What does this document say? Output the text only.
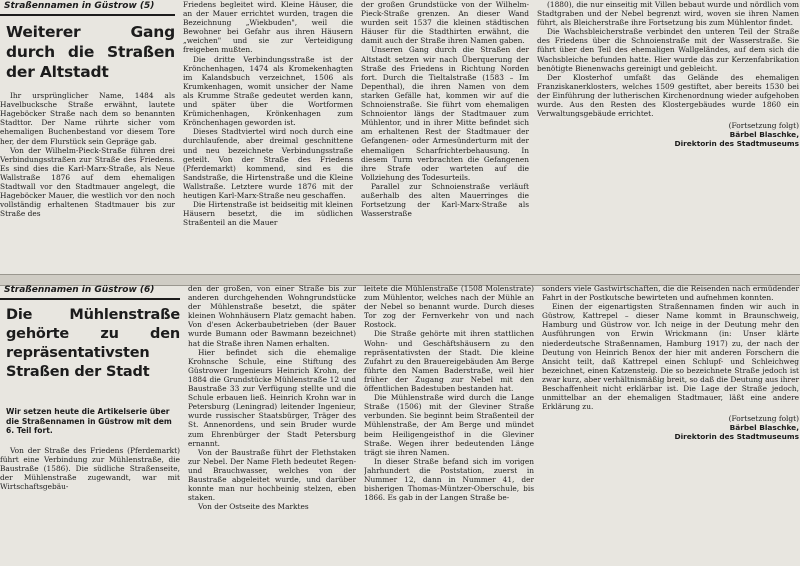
Straßennamen in Güstrow (5)
Weiterer Gang durch die Straßen der Altstadt

Ihr ursprünglicher Name, 1484 als Havelbucksche Straße erwähnt, lautete Hageböcker Straße nach dem so benannten Stadttor. Der Name rührte sicher vom ehemaligen Buchenbestand vor diesem Tore her, der dem Flurstück sein Gepräge gab.

Von der Wilhelm-Pieck-Straße führen drei Verbindungsstraßen zur Straße des Friedens. Es sind dies die Karl-Marx-Straße, als Neue Wallstraße 1876 auf dem ehemaligen Stadtwall vor den Stadtmauer angelegt, die Hageböcker Mauer, die westlich vor den noch vollständig erhaltenen Stadtmauer bis zur Straße des

Friedens begleitet wird. Kleine Häuser, die an der Mauer errichtet wurden, tragen die Bezeichnung „Wiekbuden", weil die Bewohner bei Gefahr aus ihren Häusern „weichen" und sie zur Verteidigung freigeben mußten.

Die dritte Verbindungsstraße ist der Krönchenhagen, 1474 als Kromekenhagten im Kalandsbuch verzeichnet, 1506 als Krumkenhagen, womit unsicher der Name als Krumme Straße gedeutet werden kann, und später über die Wortformen Krümichenhagen, Krönkenhagen zum Krönchenhagen geworden ist.

Dieses Stadtviertel wird noch durch eine durchlaufende, aber dreimal geschnittene und neu bezeichnete Verbindungsstraße geteilt. Von der Straße des Friedens (Pferdemarkt) kommend, sind es die Sandstraße, die Hirtenstraße und die Kleine Wallstraße. Letztere wurde 1876 mit der heutigen Karl-Marx-Straße neu geschaffen.

Die Hirtenstraße ist beidseitig mit kleinen Häusern besetzt, die im südlichen Straßenteil an die Mauer

der großen Grundstücke von der Wilhelm-Pieck-Straße grenzen. An dieser Wand wurden seit 1537 die kleinen städtischen Häuser für die Stadthirten erwähnt, die damit auch der Straße ihren Namen gaben.

Unseren Gang durch die Straßen der Altstadt setzen wir nach Überquerung der Straße des Friedens in Richtung Norden fort. Durch die Tieltalstraße (1583 – Im Depenthal), die ihren Namen von dem starken Gefälle hat, kommen wir auf die Schnoienstraße. Sie führt vom ehemaligen Schnoientor längs der Stadtmauer zum Mühlentor, und in ihrer Mitte befindet sich am erhaltenen Rest der Stadtmauer der Gefangenen- oder Armesünderturm mit der ehemaligen Scharfrichterbehausung. In diesem Turm verbrachten die Gefangenen ihre Strafe oder warteten auf die Vollziehung des Todesurteils.

Parallel zur Schnoienstraße verläuft außerhalb des alten Mauerringes die Fortsetzung der Karl-Marx-Straße als Wasserstraße

(1880), die nur einseitig mit Villen bebaut wurde und nördlich vom Stadtgraben und der Nebel begrenzt wird, woven sie ihren Namen führt, als Bleicherstraße ihre Fortsetzung bis zum Mühlentor findet.

Die Wachsbleicherstraße verbindet den unteren Teil der Straße des Friedens über die Schnoienstraße mit der Wasserstraße. Sie führt über den Teil des ehemaligen Wallgeländes, auf dem sich die Wachsbleiche befunden hatte. Hier wurde das zur Kerzenfabrikation benötigte Bienenwachs gereinigt und gebleicht.

Der Klosterhof umfaßt das Gelände des ehemaligen Franziskanerklosters, welches 1509 gestiftet, aber bereits 1530 bei der Einführung der lutherischen Kirchenordnung wieder aufgehoben wurde. Aus den Resten des Klostergebäudes wurde 1860 ein Verwaltungsgebäude errichtet.

(Fortsetzung folgt)
Bärbel Blaschke,
Direktorin des Stadtmuseums
Straßennamen in Güstrow (6)
Die Mühlenstraße gehörte zu den repräsentativsten Straßen der Stadt
Wir setzen heute die Artikelserie über die Straßennamen in Güstrow mit dem 6. Teil fort.

Von der Straße des Friedens (Pferdemarkt) führt eine Verbindung zur Mühlenstraße, die Baustraße (1586). Die südliche Straßenseite, der Mühlenstraße zugewandt, war mit Wirtschaftsgebäu-

den der großen, von einer Straße bis zur anderen durchgehenden Wohngrundstücke der Mühlenstraße besetzt, die später kleinen Wohnhäusern Platz gemacht haben. Von d'esen Ackerbaubetrieben (der Bauer wurde Bumann oder Bawmann bezeichnet) hat die Straße ihren Namen erhalten.

Hier befindet sich die ehemalige Krohnsche Schule, eine Stiftung des Güstrower Ingenieurs Heinrich Krohn, der 1884 die Grundstücke Mühlenstraße 12 und Baustraße 33 zur Verfügung stellte und die Schule erbauen ließ. Heinrich Krohn war in Petersburg (Leningrad) leitender Ingenieur, wurde russischer Staatsbürger, Träger des St. Annenordens, und sein Bruder wurde zum Ehrenbürger der Stadt Petersburg ernannt.

Von der Baustraße führt der Flethstaken zur Nebel. Der Name Fleth bedeutet Regen- und Brauchwasser, welches von der Baustraße abgeleitet wurde, und darüber konnte man nur hochbeinig stelzen, eben staken.

Von der Ostseite des Marktes

leitete die Mühlenstraße (1508 Molenstrate) zum Mühlentor, welches nach der Mühle an der Nebel so benannt wurde. Durch dieses Tor zog der Fernverkehr von und nach Rostock.

Die Straße gehörte mit ihren stattlichen Wohn- und Geschäftshäusern zu den repräsentativsten der Stadt. Die kleine Zufahrt zu den Brauereigebäuden Am Berge führte den Namen Baderstraße, weil hier früher der Zugang zur Nebel mit den öffentlichen Badestuben bestanden hat.

Die Mühlenstraße wird durch die Lange Straße (1506) mit der Gleviner Straße verbunden. Sie beginnt beim Straßenteil der Mühlenstraße, der Am Berge und mündet beim Heiligengeisthof in die Gleviner Straße. Wegen ihrer bedeutenden Länge trägt sie ihren Namen.

In dieser Straße befand sich im vorigen Jahrhundert die Poststation, zuerst in Nummer 12, dann in Nummer 41, der bisherigen Thomas-Müntzer-Oberschule, bis 1866. Es gab in der Langen Straße be-

sonders viele Gastwirtschaften, die die Reisenden nach ermüdender Fahrt in der Postkutsche bewirteten und aufnehmen konnten.

Einen der eigenartigsten Straßennamen finden wir auch in Güstrow, Kattrepel – dieser Name kommt in Braunschweig, Hamburg und Güstrow vor. Ich neige in der Deutung mehr den Ausführungen von Erwin Wrickmann (in: Unser klärte niederdeutsche Straßennamen, Hamburg 1917) zu, der nach der Deutung von Heinrich Benox der hier mit anderen Forschern die Ansicht teilt, daß Kattrepel einen Schlupf- und Schleichweg bezeichnet, einen Katzensteig. Die so bezeichnete Straße jedoch ist zwar kurz, aber verhältnismäßig breit, so daß die Deutung aus ihrer Beschaffenheit nicht erklärbar ist. Die Lage der Straße jedoch, unmittelbar an der ehemaligen Stadtmauer, läßt eine andere Erklärung zu.

(Fortsetzung folgt)
Bärbel Blaschke,
Direktorin des Stadtmuseums
